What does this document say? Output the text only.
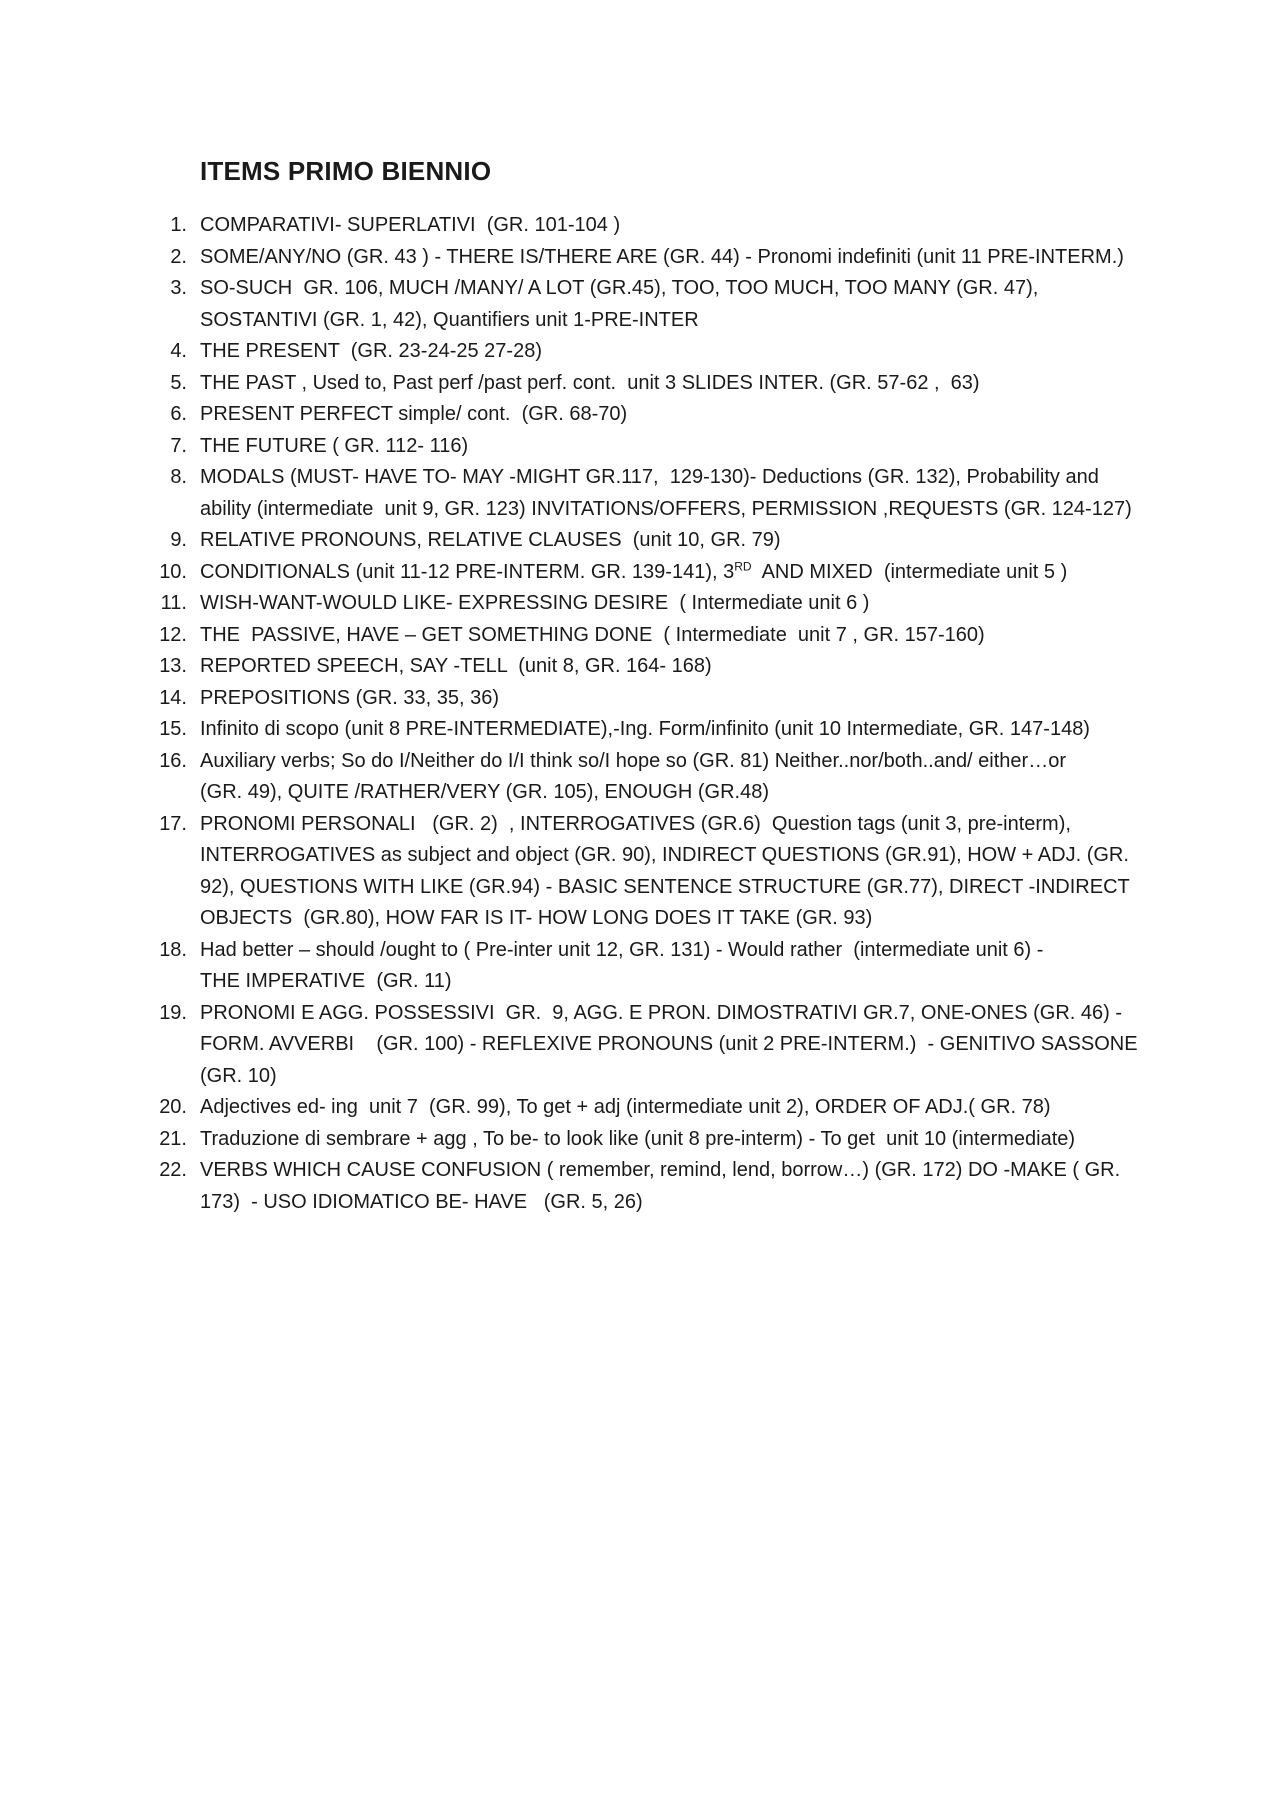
ITEMS PRIMO BIENNIO
1. COMPARATIVI- SUPERLATIVI  (GR. 101-104 )
2. SOME/ANY/NO (GR. 43 ) - THERE IS/THERE ARE (GR. 44) - Pronomi indefiniti (unit 11 PRE-INTERM.)
3. SO-SUCH  GR. 106, MUCH /MANY/ A LOT (GR.45), TOO, TOO MUCH, TOO MANY (GR. 47),
SOSTANTIVI (GR. 1, 42), Quantifiers unit 1-PRE-INTER
4. THE PRESENT  (GR. 23-24-25 27-28)
5. THE PAST , Used to, Past perf /past perf. cont.  unit 3 SLIDES INTER. (GR. 57-62 ,  63)
6. PRESENT PERFECT simple/ cont.  (GR. 68-70)
7. THE FUTURE ( GR. 112- 116)
8. MODALS (MUST- HAVE TO- MAY -MIGHT GR.117,  129-130)- Deductions (GR. 132), Probability and
ability (intermediate  unit 9, GR. 123) INVITATIONS/OFFERS, PERMISSION ,REQUESTS (GR. 124-127)
9. RELATIVE PRONOUNS, RELATIVE CLAUSES  (unit 10, GR. 79)
10. CONDITIONALS (unit 11-12 PRE-INTERM. GR. 139-141), 3RD  AND MIXED  (intermediate unit 5 )
11. WISH-WANT-WOULD LIKE- EXPRESSING DESIRE  ( Intermediate unit 6 )
12. THE  PASSIVE, HAVE – GET SOMETHING DONE  ( Intermediate  unit 7 , GR. 157-160)
13. REPORTED SPEECH, SAY -TELL  (unit 8, GR. 164- 168)
14. PREPOSITIONS (GR. 33, 35, 36)
15. Infinito di scopo (unit 8 PRE-INTERMEDIATE),-Ing. Form/infinito (unit 10 Intermediate, GR. 147-148)
16. Auxiliary verbs; So do I/Neither do I/I think so/I hope so (GR. 81) Neither..nor/both..and/ either…or
(GR. 49), QUITE /RATHER/VERY (GR. 105), ENOUGH (GR.48)
17. PRONOMI PERSONALI   (GR. 2)  , INTERROGATIVES (GR.6)  Question tags (unit 3, pre-interm),
INTERROGATIVES as subject and object (GR. 90), INDIRECT QUESTIONS (GR.91), HOW + ADJ. (GR.
92), QUESTIONS WITH LIKE (GR.94) - BASIC SENTENCE STRUCTURE (GR.77), DIRECT -INDIRECT
OBJECTS  (GR.80), HOW FAR IS IT- HOW LONG DOES IT TAKE (GR. 93)
18. Had better – should /ought to ( Pre-inter unit 12, GR. 131) - Would rather  (intermediate unit 6) -
THE IMPERATIVE  (GR. 11)
19. PRONOMI E AGG. POSSESSIVI  GR.  9, AGG. E PRON. DIMOSTRATIVI GR.7, ONE-ONES (GR. 46) -
FORM. AVVERBI    (GR. 100) - REFLEXIVE PRONOUNS (unit 2 PRE-INTERM.)  - GENITIVO SASSONE
(GR. 10)
20. Adjectives ed- ing  unit 7  (GR. 99), To get + adj (intermediate unit 2), ORDER OF ADJ.( GR. 78)
21. Traduzione di sembrare + agg , To be- to look like (unit 8 pre-interm) - To get  unit 10 (intermediate)
22. VERBS WHICH CAUSE CONFUSION ( remember, remind, lend, borrow…) (GR. 172) DO -MAKE ( GR.
173)  - USO IDIOMATICO BE- HAVE   (GR. 5, 26)
